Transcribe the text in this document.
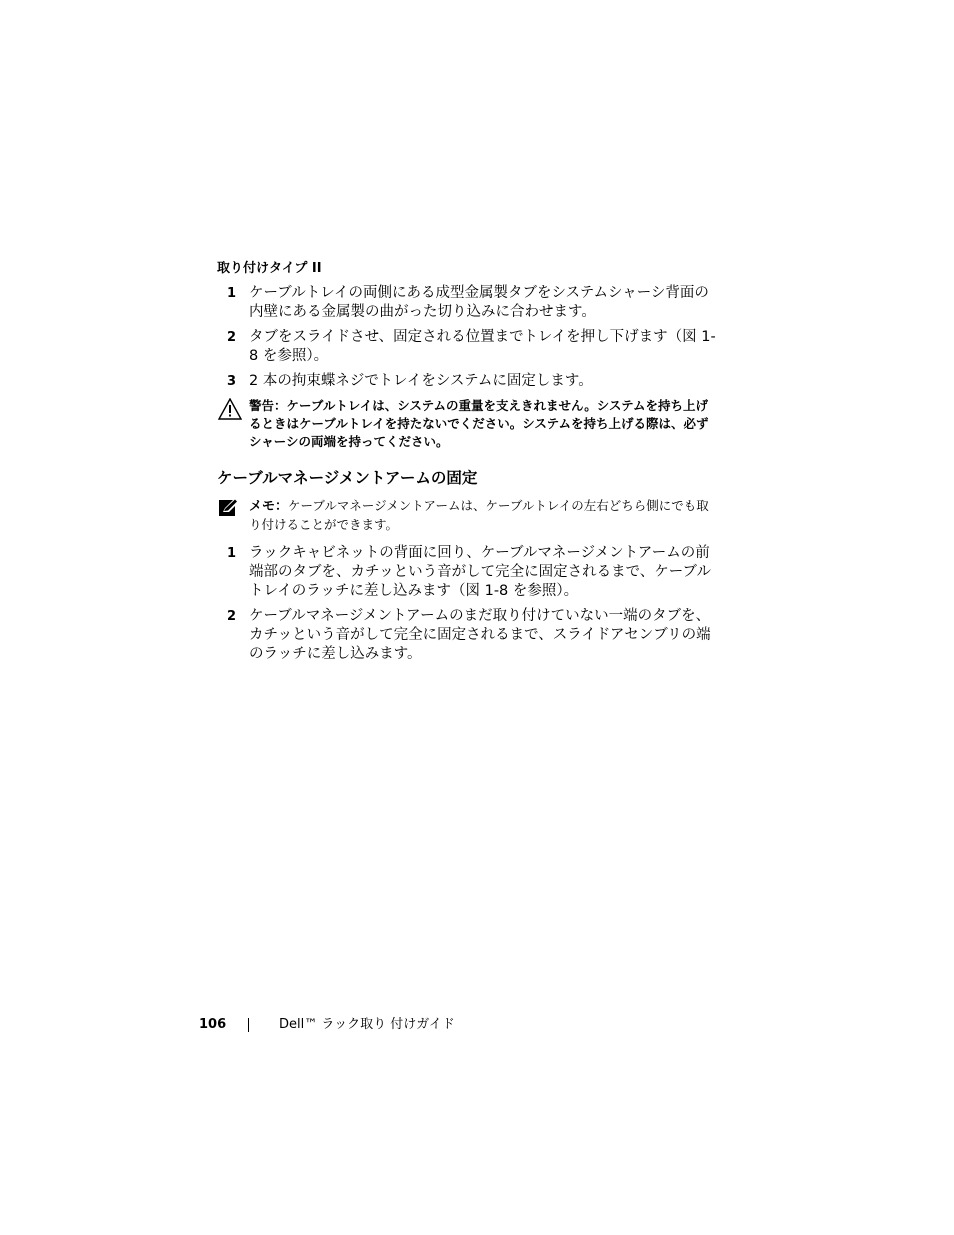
取り付けタイプ II
1 ケーブルトレイの両側にある成型金属製タブをシステムシャーシ背面の内壁にある金属製の曲がった切り込みに合わせます。
2 タブをスライドさせ、固定される位置までトレイを押し下げます（図 1-8 を参照）。
3 2 本の拘束蝶ネジでトレイをシステムに固定します。
警告：ケーブルトレイは、システムの重量を支えきれません。システムを持ち上げるときはケーブルトレイを持たないでください。システムを持ち上げる際は、必ずシャーシの両端を持ってください。
ケーブルマネージメントアームの固定
メモ：ケーブルマネージメントアームは、ケーブルトレイの左右どちら側にでも取り付けることができます。
1 ラックキャビネットの背面に回り、ケーブルマネージメントアームの前端部のタブを、カチッという音がして完全に固定されるまで、ケーブルトレイのラッチに差し込みます（図 1-8 を参照）。
2 ケーブルマネージメントアームのまだ取り付けていない一端のタブを、カチッという音がして完全に固定されるまで、スライドアセンブリの端のラッチに差し込みます。
106	Dell™ ラック取り 付けガイド
